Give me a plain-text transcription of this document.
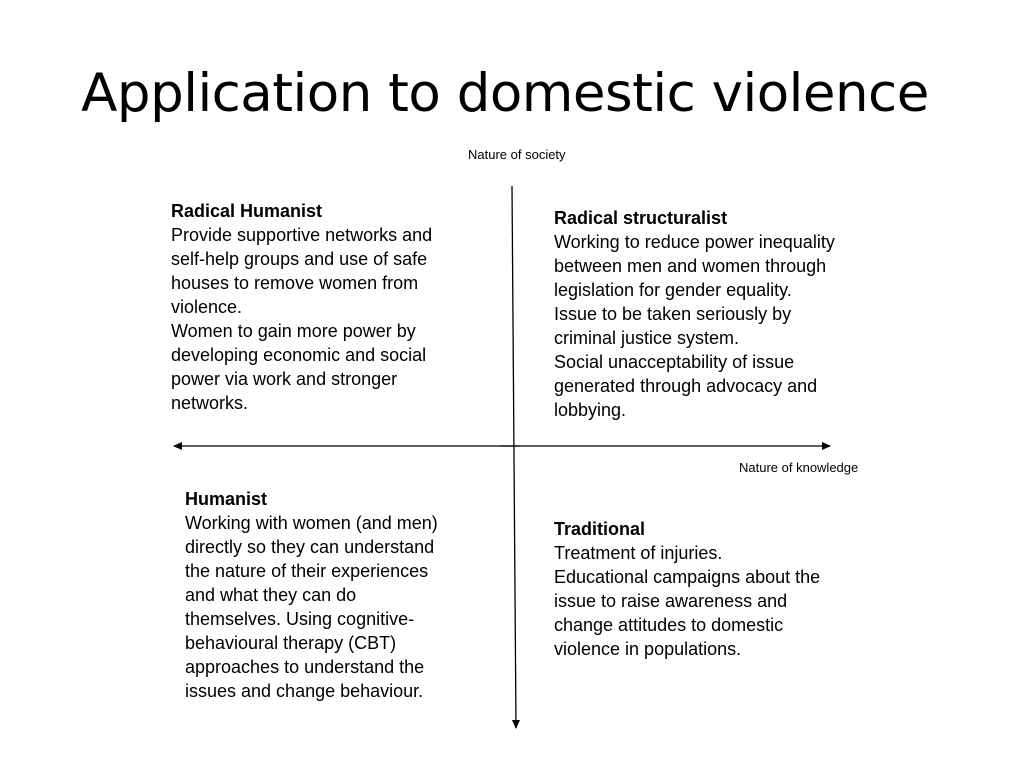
Application to domestic violence
Nature of society
Nature of knowledge
Radical Humanist
Provide supportive networks and
self-help groups and use of safe
houses to remove women from
violence.
Women to gain more power by
developing economic and social
power via work and stronger
networks.
Radical structuralist
Working to reduce power inequality
between men and women through
legislation for gender equality.
Issue to be taken seriously by
criminal justice system.
Social unacceptability of issue
generated through advocacy and
lobbying.
Humanist
Working with women (and men)
directly so they can understand
the nature of their experiences
and what they can do
themselves. Using cognitive-
behavioural therapy (CBT)
approaches to understand the
issues and change behaviour.
Traditional
Treatment of injuries.
Educational campaigns about the
issue to raise awareness and
change attitudes to domestic
violence in populations.
